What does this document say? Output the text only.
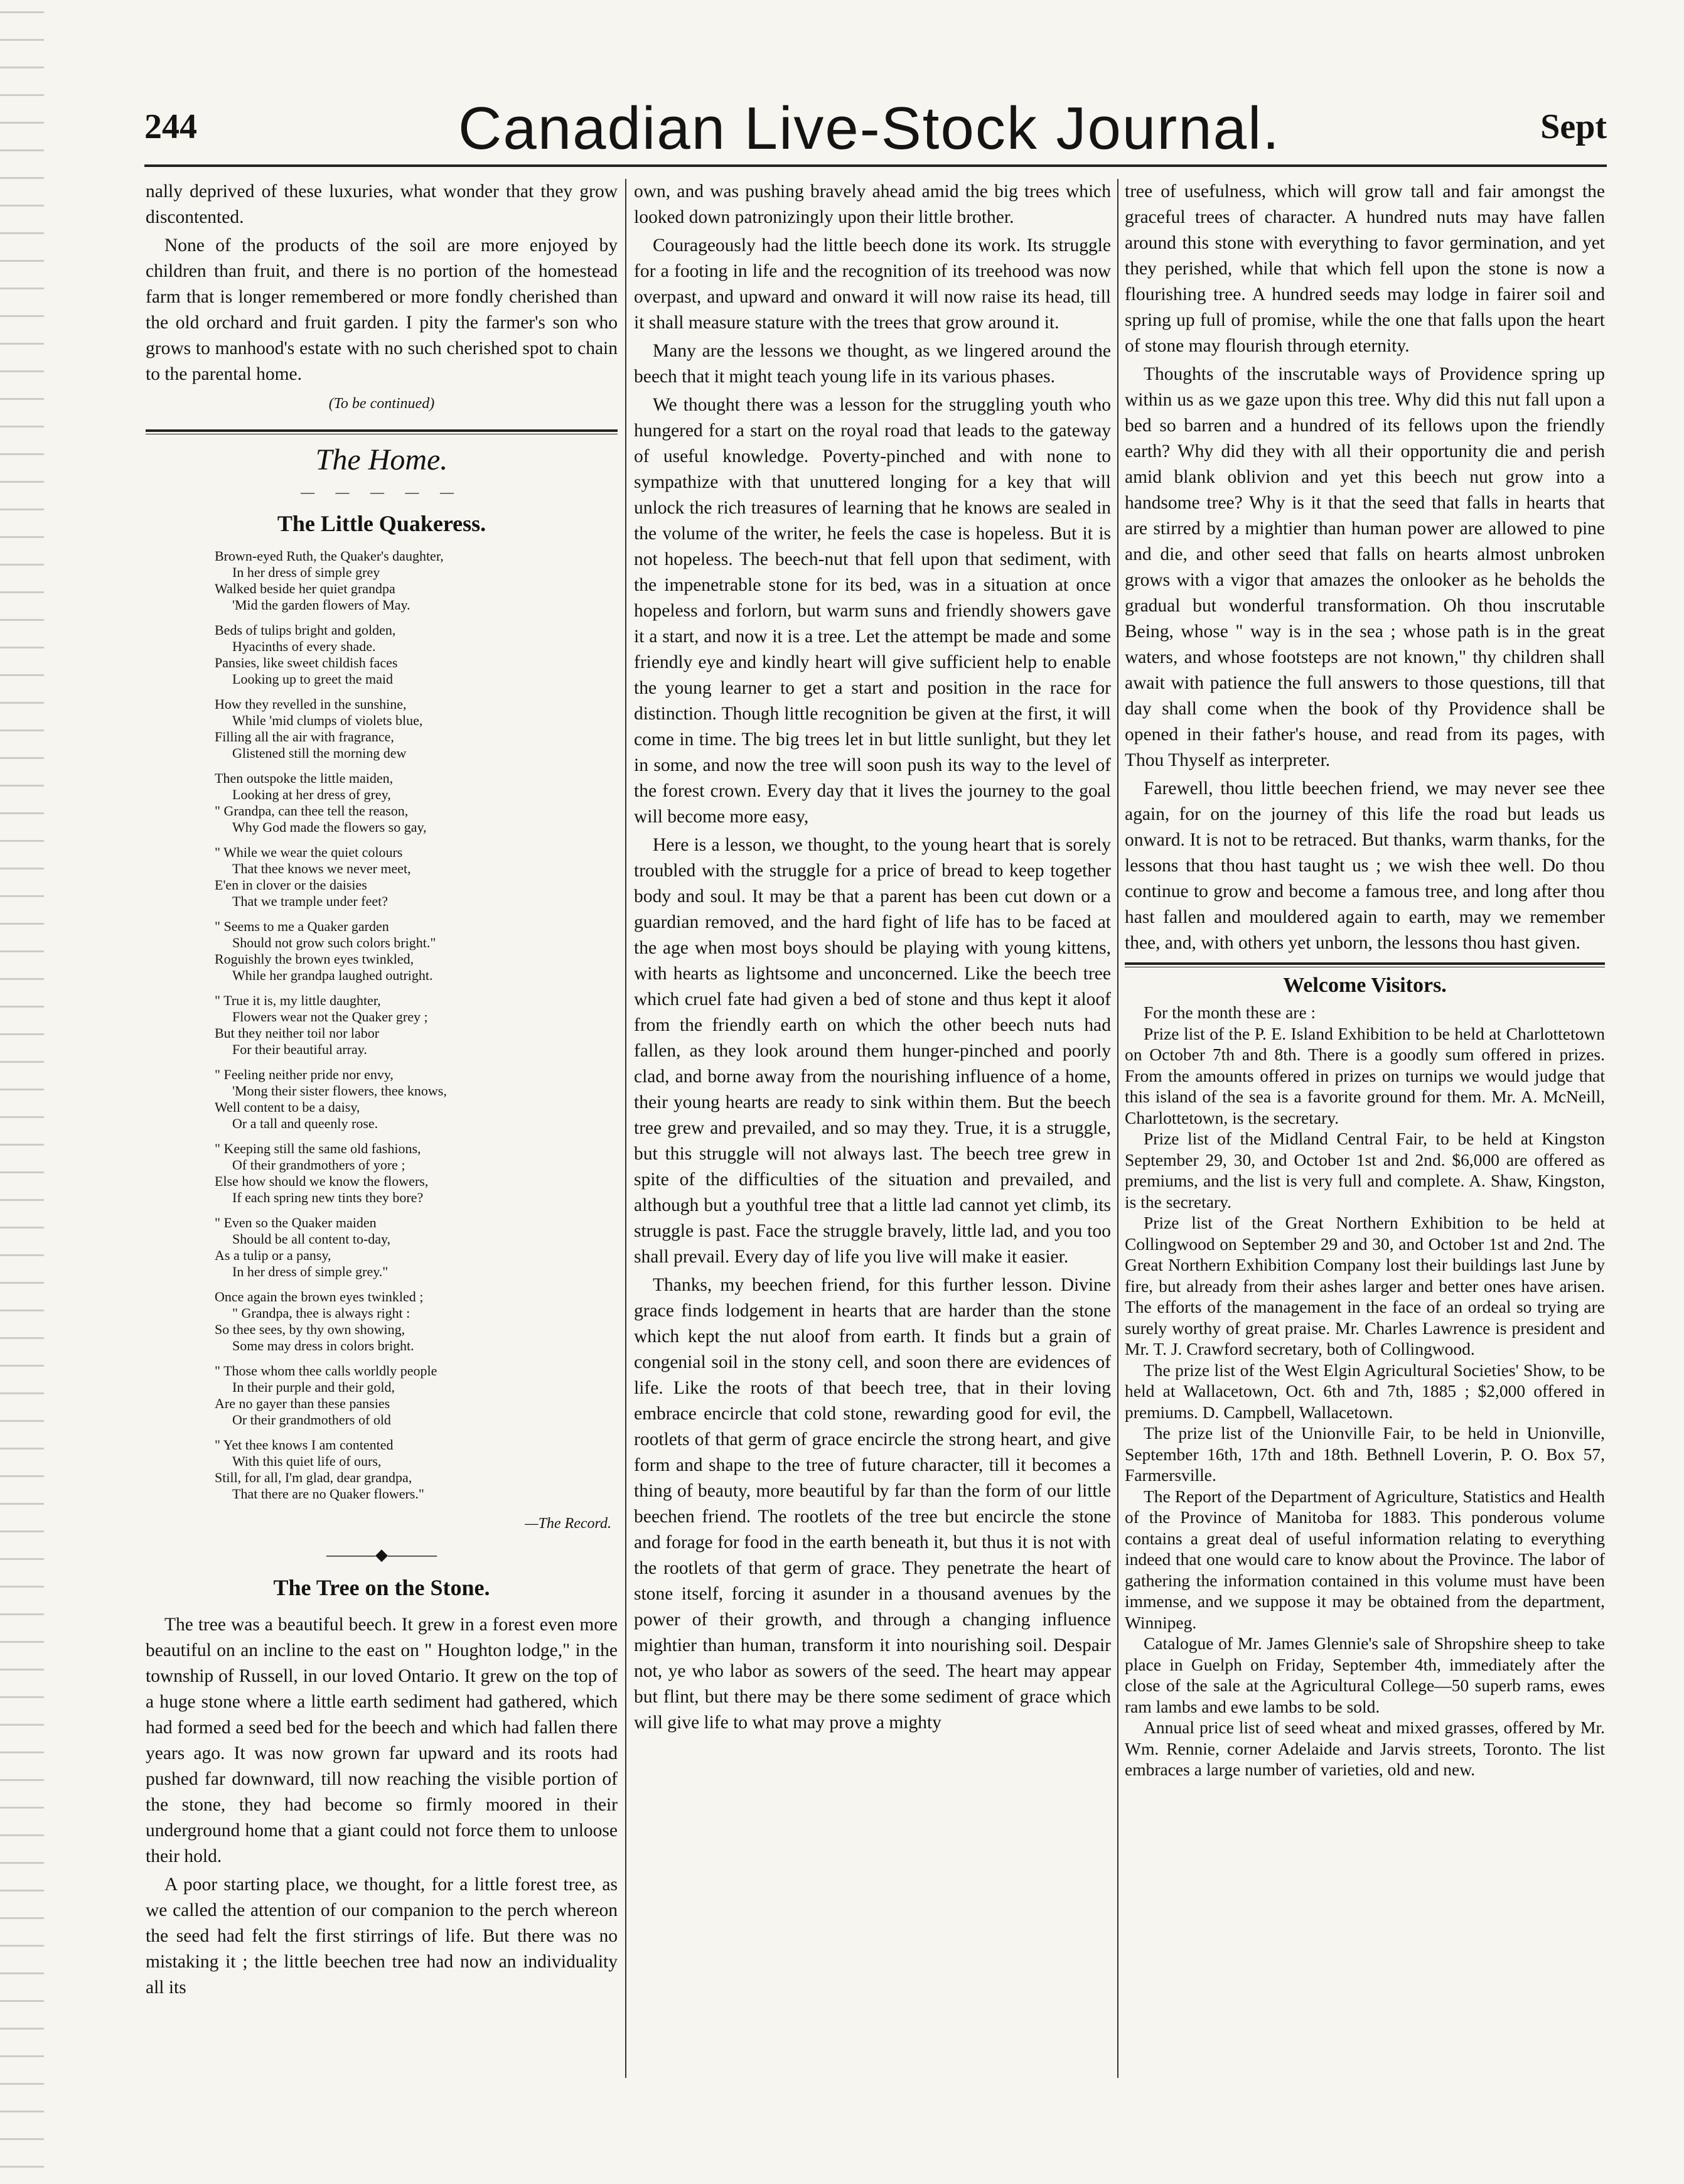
244	Canadian Live-Stock Journal.	Sept

nally deprived of these luxuries, what wonder that they grow discontented.

None of the products of the soil are more enjoyed by children than fruit, and there is no portion of the homestead farm that is longer remembered or more fondly cherished than the old orchard and fruit garden. I pity the farmer's son who grows to manhood's estate with no such cherished spot to chain to the parental home.

(To be continued)
The Home.
— — — — —
The Little Quakeress.
Brown-eyed Ruth, the Quaker's daughter,
In her dress of simple grey
Walked beside her quiet grandpa
'Mid the garden flowers of May.
Beds of tulips bright and golden,
Hyacinths of every shade.
Pansies, like sweet childish faces
Looking up to greet the maid
How they revelled in the sunshine,
While 'mid clumps of violets blue,
Filling all the air with fragrance,
Glistened still the morning dew
Then outspoke the little maiden,
Looking at her dress of grey,
" Grandpa, can thee tell the reason,
Why God made the flowers so gay,
" While we wear the quiet colours
That thee knows we never meet,
E'en in clover or the daisies
That we trample under feet?
" Seems to me a Quaker garden
Should not grow such colors bright."
Roguishly the brown eyes twinkled,
While her grandpa laughed outright.
" True it is, my little daughter,
Flowers wear not the Quaker grey ;
But they neither toil nor labor
For their beautiful array.
" Feeling neither pride nor envy,
'Mong their sister flowers, thee knows,
Well content to be a daisy,
Or a tall and queenly rose.
" Keeping still the same old fashions,
Of their grandmothers of yore ;
Else how should we know the flowers,
If each spring new tints they bore?
" Even so the Quaker maiden
Should be all content to-day,
As a tulip or a pansy,
In her dress of simple grey."
Once again the brown eyes twinkled ;
" Grandpa, thee is always right :
So thee sees, by thy own showing,
Some may dress in colors bright.
" Those whom thee calls worldly people
In their purple and their gold,
Are no gayer than these pansies
Or their grandmothers of old
" Yet thee knows I am contented
With this quiet life of ours,
Still, for all, I'm glad, dear grandpa,
That there are no Quaker flowers."
—The Record.
———◆———
The Tree on the Stone.

The tree was a beautiful beech. It grew in a forest even more beautiful on an incline to the east on " Houghton lodge," in the township of Russell, in our loved Ontario. It grew on the top of a huge stone where a little earth sediment had gathered, which had formed a seed bed for the beech and which had fallen there years ago. It was now grown far upward and its roots had pushed far downward, till now reaching the visible portion of the stone, they had become so firmly moored in their underground home that a giant could not force them to unloose their hold.

A poor starting place, we thought, for a little forest tree, as we called the attention of our companion to the perch whereon the seed had felt the first stirrings of life. But there was no mistaking it ; the little beechen tree had now an individuality all its

own, and was pushing bravely ahead amid the big trees which looked down patronizingly upon their little brother.

Courageously had the little beech done its work. Its struggle for a footing in life and the recognition of its treehood was now overpast, and upward and onward it will now raise its head, till it shall measure stature with the trees that grow around it.

Many are the lessons we thought, as we lingered around the beech that it might teach young life in its various phases.

We thought there was a lesson for the struggling youth who hungered for a start on the royal road that leads to the gateway of useful knowledge. Poverty-pinched and with none to sympathize with that unuttered longing for a key that will unlock the rich treasures of learning that he knows are sealed in the volume of the writer, he feels the case is hopeless. But it is not hopeless. The beech-nut that fell upon that sediment, with the impenetrable stone for its bed, was in a situation at once hopeless and forlorn, but warm suns and friendly showers gave it a start, and now it is a tree. Let the attempt be made and some friendly eye and kindly heart will give sufficient help to enable the young learner to get a start and position in the race for distinction. Though little recognition be given at the first, it will come in time. The big trees let in but little sunlight, but they let in some, and now the tree will soon push its way to the level of the forest crown. Every day that it lives the journey to the goal will become more easy,

Here is a lesson, we thought, to the young heart that is sorely troubled with the struggle for a price of bread to keep together body and soul. It may be that a parent has been cut down or a guardian removed, and the hard fight of life has to be faced at the age when most boys should be playing with young kittens, with hearts as lightsome and unconcerned. Like the beech tree which cruel fate had given a bed of stone and thus kept it aloof from the friendly earth on which the other beech nuts had fallen, as they look around them hunger-pinched and poorly clad, and borne away from the nourishing influence of a home, their young hearts are ready to sink within them. But the beech tree grew and prevailed, and so may they. True, it is a struggle, but this struggle will not always last. The beech tree grew in spite of the difficulties of the situation and prevailed, and although but a youthful tree that a little lad cannot yet climb, its struggle is past. Face the struggle bravely, little lad, and you too shall prevail. Every day of life you live will make it easier.

Thanks, my beechen friend, for this further lesson. Divine grace finds lodgement in hearts that are harder than the stone which kept the nut aloof from earth. It finds but a grain of congenial soil in the stony cell, and soon there are evidences of life. Like the roots of that beech tree, that in their loving embrace encircle that cold stone, rewarding good for evil, the rootlets of that germ of grace encircle the strong heart, and give form and shape to the tree of future character, till it becomes a thing of beauty, more beautiful by far than the form of our little beechen friend. The rootlets of the tree but encircle the stone and forage for food in the earth beneath it, but thus it is not with the rootlets of that germ of grace. They penetrate the heart of stone itself, forcing it asunder in a thousand avenues by the power of their growth, and through a changing influence mightier than human, transform it into nourishing soil. Despair not, ye who labor as sowers of the seed. The heart may appear but flint, but there may be there some sediment of grace which will give life to what may prove a mighty

tree of usefulness, which will grow tall and fair amongst the graceful trees of character. A hundred nuts may have fallen around this stone with everything to favor germination, and yet they perished, while that which fell upon the stone is now a flourishing tree. A hundred seeds may lodge in fairer soil and spring up full of promise, while the one that falls upon the heart of stone may flourish through eternity.

Thoughts of the inscrutable ways of Providence spring up within us as we gaze upon this tree. Why did this nut fall upon a bed so barren and a hundred of its fellows upon the friendly earth? Why did they with all their opportunity die and perish amid blank oblivion and yet this beech nut grow into a handsome tree? Why is it that the seed that falls in hearts that are stirred by a mightier than human power are allowed to pine and die, and other seed that falls on hearts almost unbroken grows with a vigor that amazes the onlooker as he beholds the gradual but wonderful transformation. Oh thou inscrutable Being, whose " way is in the sea ; whose path is in the great waters, and whose footsteps are not known," thy children shall await with patience the full answers to those questions, till that day shall come when the book of thy Providence shall be opened in their father's house, and read from its pages, with Thou Thyself as interpreter.

Farewell, thou little beechen friend, we may never see thee again, for on the journey of this life the road but leads us onward. It is not to be retraced. But thanks, warm thanks, for the lessons that thou hast taught us ; we wish thee well. Do thou continue to grow and become a famous tree, and long after thou hast fallen and mouldered again to earth, may we remember thee, and, with others yet unborn, the lessons thou hast given.

Welcome Visitors.

For the month these are :

Prize list of the P. E. Island Exhibition to be held at Charlottetown on October 7th and 8th. There is a goodly sum offered in prizes. From the amounts offered in prizes on turnips we would judge that this island of the sea is a favorite ground for them. Mr. A. McNeill, Charlottetown, is the secretary.

Prize list of the Midland Central Fair, to be held at Kingston September 29, 30, and October 1st and 2nd. $6,000 are offered as premiums, and the list is very full and complete. A. Shaw, Kingston, is the secretary.

Prize list of the Great Northern Exhibition to be held at Collingwood on September 29 and 30, and October 1st and 2nd. The Great Northern Exhibition Company lost their buildings last June by fire, but already from their ashes larger and better ones have arisen. The efforts of the management in the face of an ordeal so trying are surely worthy of great praise. Mr. Charles Lawrence is president and Mr. T. J. Crawford secretary, both of Collingwood.

The prize list of the West Elgin Agricultural Societies' Show, to be held at Wallacetown, Oct. 6th and 7th, 1885 ; $2,000 offered in premiums. D. Campbell, Wallacetown.

The prize list of the Unionville Fair, to be held in Unionville, September 16th, 17th and 18th. Bethnell Loverin, P. O. Box 57, Farmersville.

The Report of the Department of Agriculture, Statistics and Health of the Province of Manitoba for 1883. This ponderous volume contains a great deal of useful information relating to everything indeed that one would care to know about the Province. The labor of gathering the information contained in this volume must have been immense, and we suppose it may be obtained from the department, Winnipeg.

Catalogue of Mr. James Glennie's sale of Shropshire sheep to take place in Guelph on Friday, September 4th, immediately after the close of the sale at the Agricultural College—50 superb rams, ewes ram lambs and ewe lambs to be sold.

Annual price list of seed wheat and mixed grasses, offered by Mr. Wm. Rennie, corner Adelaide and Jarvis streets, Toronto. The list embraces a large number of varieties, old and new.
